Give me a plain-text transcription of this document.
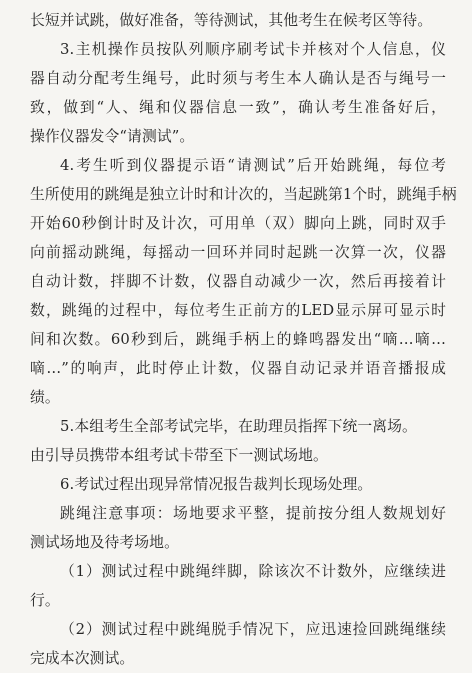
长短并试跳，做好准备，等待测试，其他考生在候考区等待。
3.主机操作员按队列顺序刷考试卡并核对个人信息，仪
器自动分配考生绳号，此时须与考生本人确认是否与绳号一
致，做到“人、绳和仪器信息一致”，确认考生准备好后，
操作仪器发令“请测试”。
4.考生听到仪器提示语“请测试”后开始跳绳，每位考
生所使用的跳绳是独立计时和计次的，当起跳第1个时，跳绳手柄
开始60秒倒计时及计次，可用单（双）脚向上跳，同时双手
向前摇动跳绳，每摇动一回环并同时起跳一次算一次，仪器
自动计数，拌脚不计数，仪器自动减少一次，然后再接着计
数，跳绳的过程中，每位考生正前方的LED显示屏可显示时
间和次数。60秒到后，跳绳手柄上的蜂鸣器发出“嘀…嘀…
嘀…”的响声，此时停止计数，仪器自动记录并语音播报成
绩。
5.本组考生全部考试完毕，在助理员指挥下统一离场。
由引导员携带本组考试卡带至下一测试场地。
6.考试过程出现异常情况报告裁判长现场处理。
跳绳注意事项：场地要求平整，提前按分组人数规划好
测试场地及待考场地。
（1）测试过程中跳绳绊脚，除该次不计数外，应继续进
行。
（2）测试过程中跳绳脱手情况下，应迅速捡回跳绳继续
完成本次测试。
